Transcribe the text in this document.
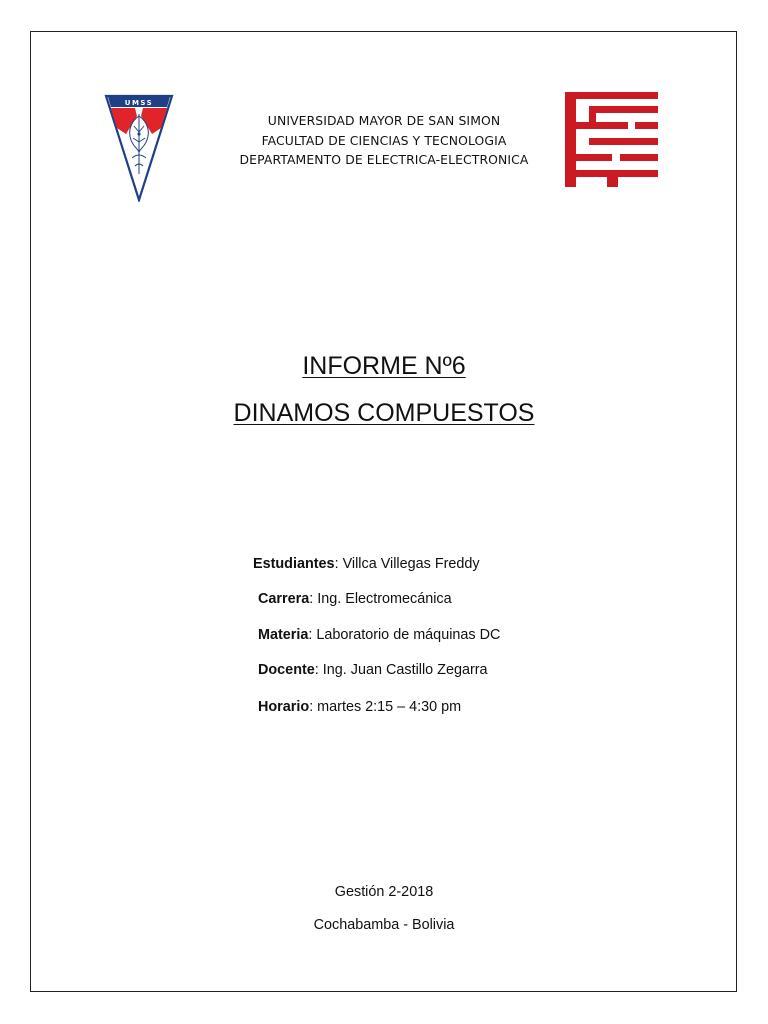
UMSS
UNIVERSIDAD MAYOR DE SAN SIMON
FACULTAD DE CIENCIAS Y TECNOLOGIA
DEPARTAMENTO DE ELECTRICA-ELECTRONICA
INFORME Nº6
DINAMOS COMPUESTOS
Estudiantes: Villca Villegas Freddy
Carrera: Ing. Electromecánica
Materia: Laboratorio de máquinas DC
Docente: Ing. Juan Castillo Zegarra
Horario: martes 2:15 – 4:30 pm
Gestión 2-2018
Cochabamba - Bolivia
